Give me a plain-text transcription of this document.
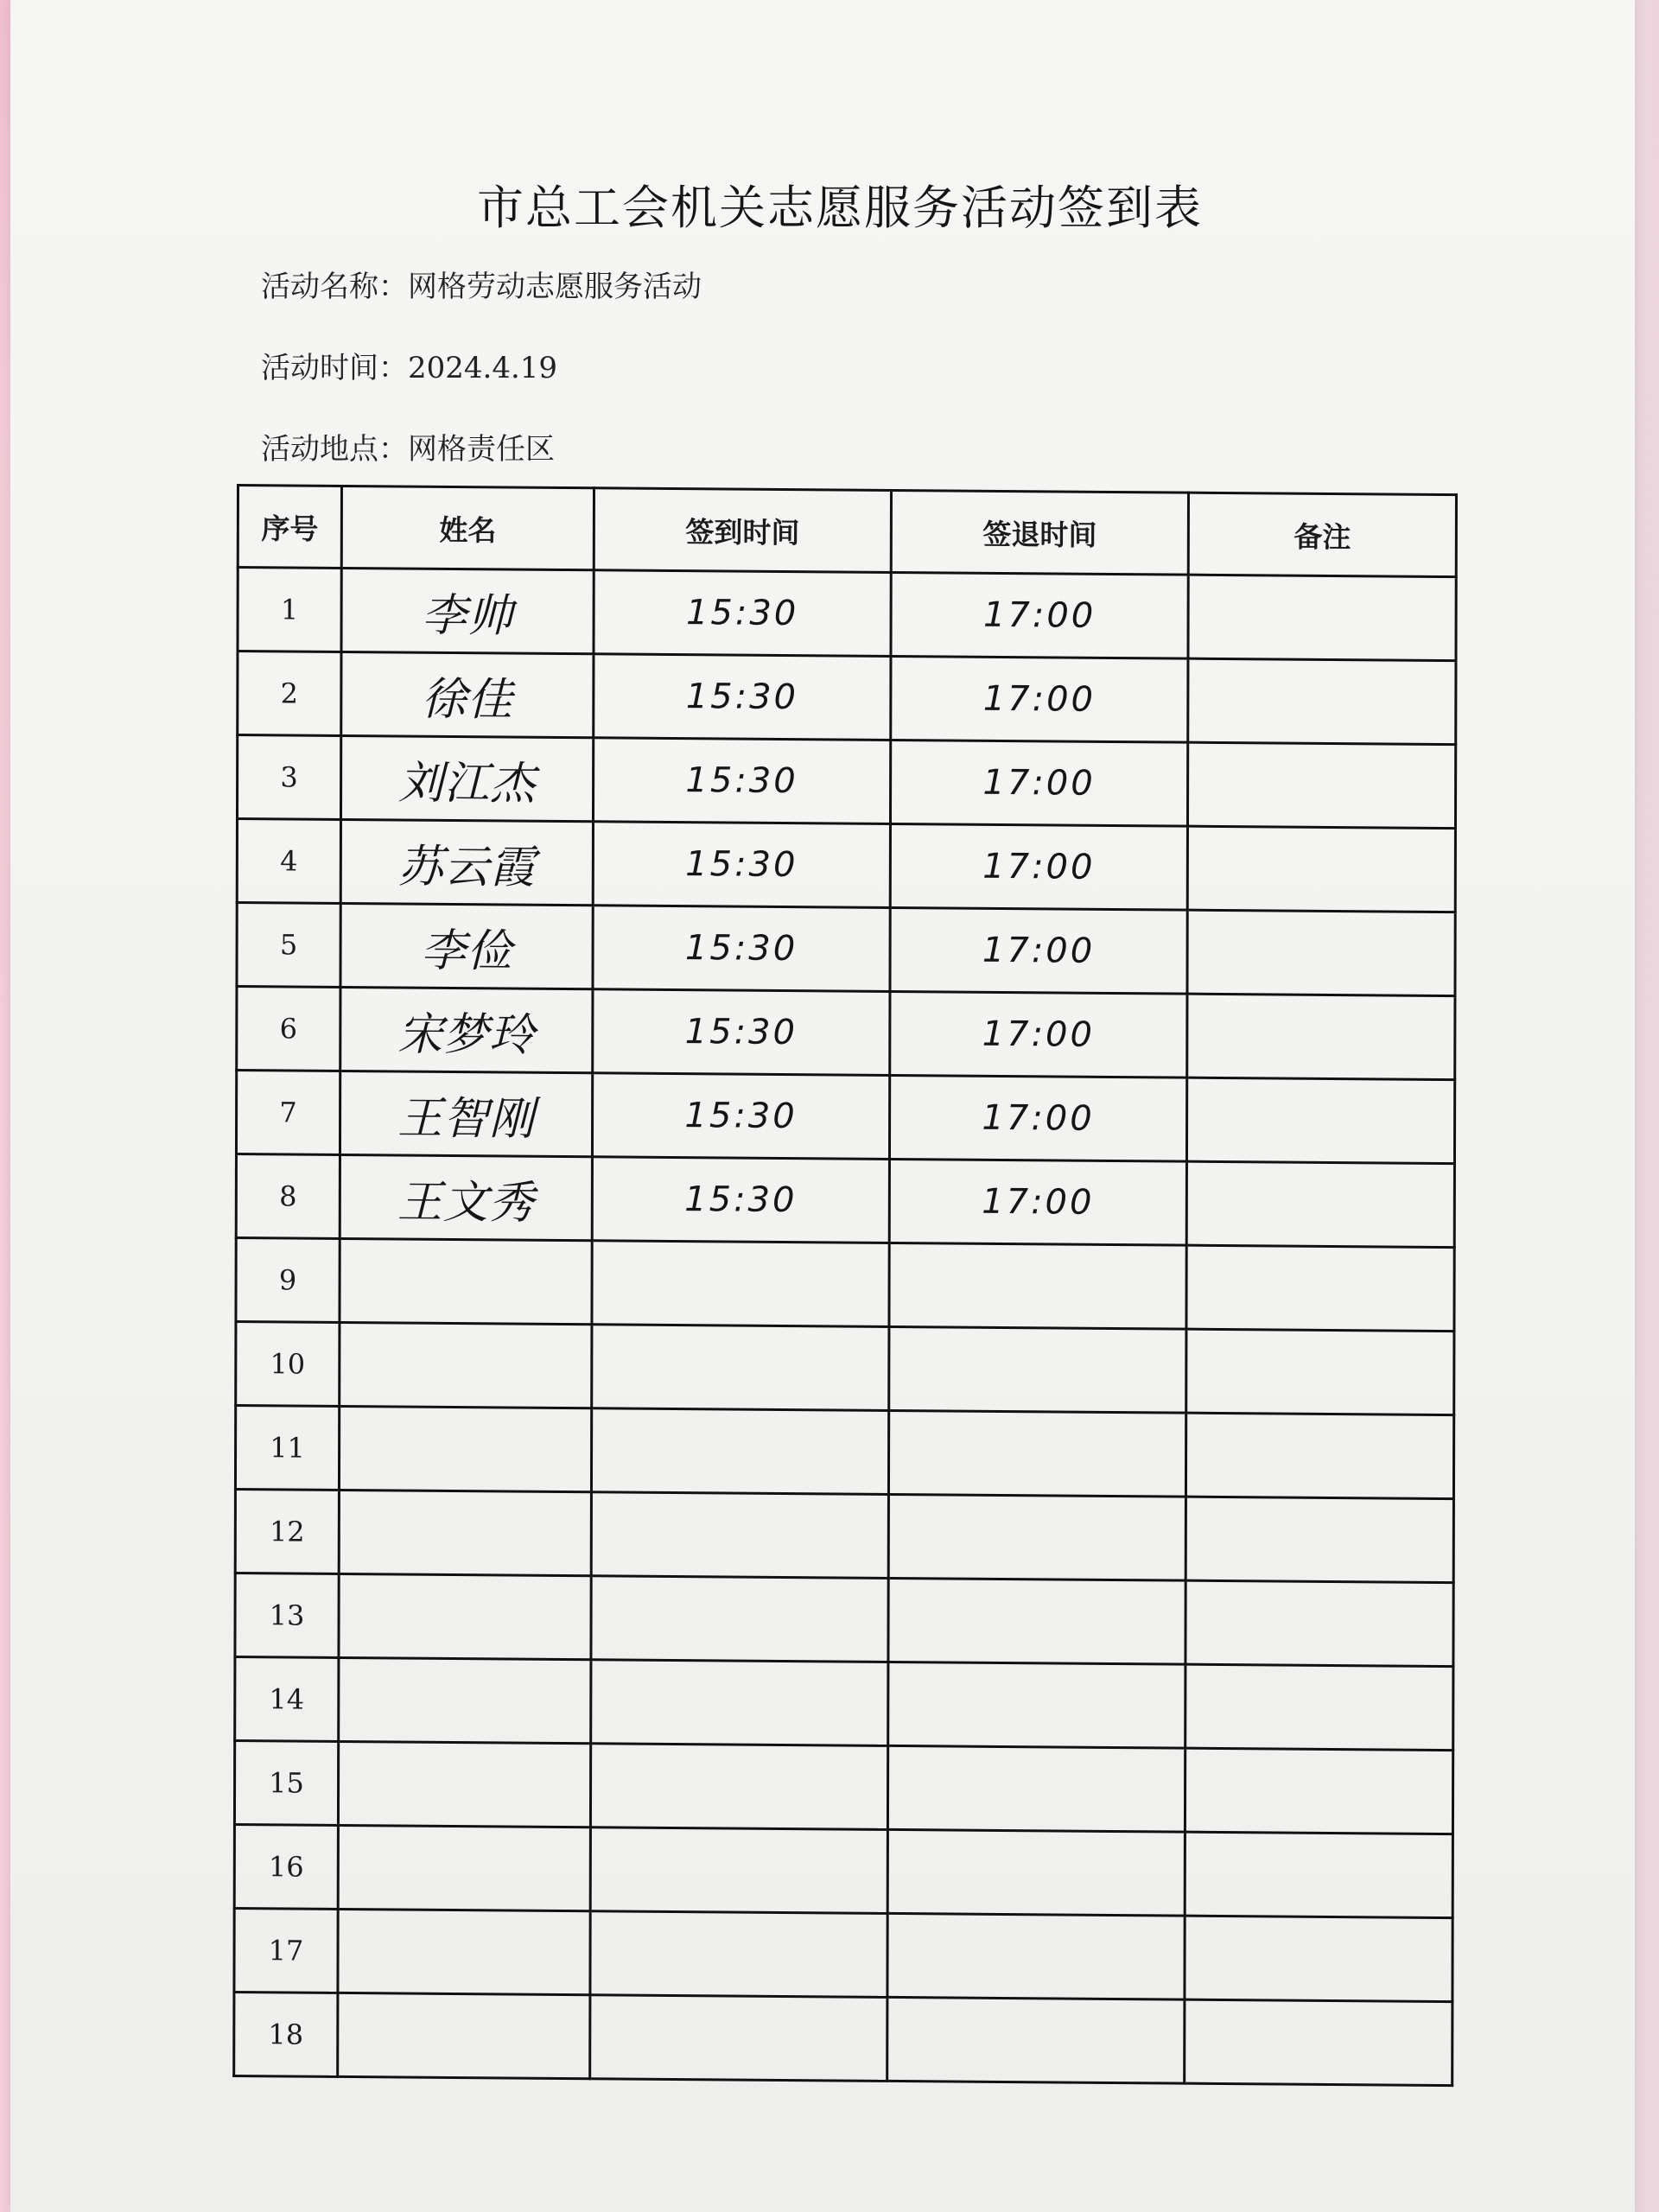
市总工会机关志愿服务活动签到表
活动名称：网格劳动志愿服务活动
活动时间：2024.4.19
活动地点：网格责任区
序号	姓名	签到时间	签退时间	备注
1	李帅	15:30	17:00	
2	徐佳	15:30	17:00	
3	刘江杰	15:30	17:00	
4	苏云霞	15:30	17:00	
5	李俭	15:30	17:00	
6	宋梦玲	15:30	17:00	
7	王智刚	15:30	17:00	
8	王文秀	15:30	17:00	
9				
10				
11				
12				
13				
14				
15				
16				
17				
18				
